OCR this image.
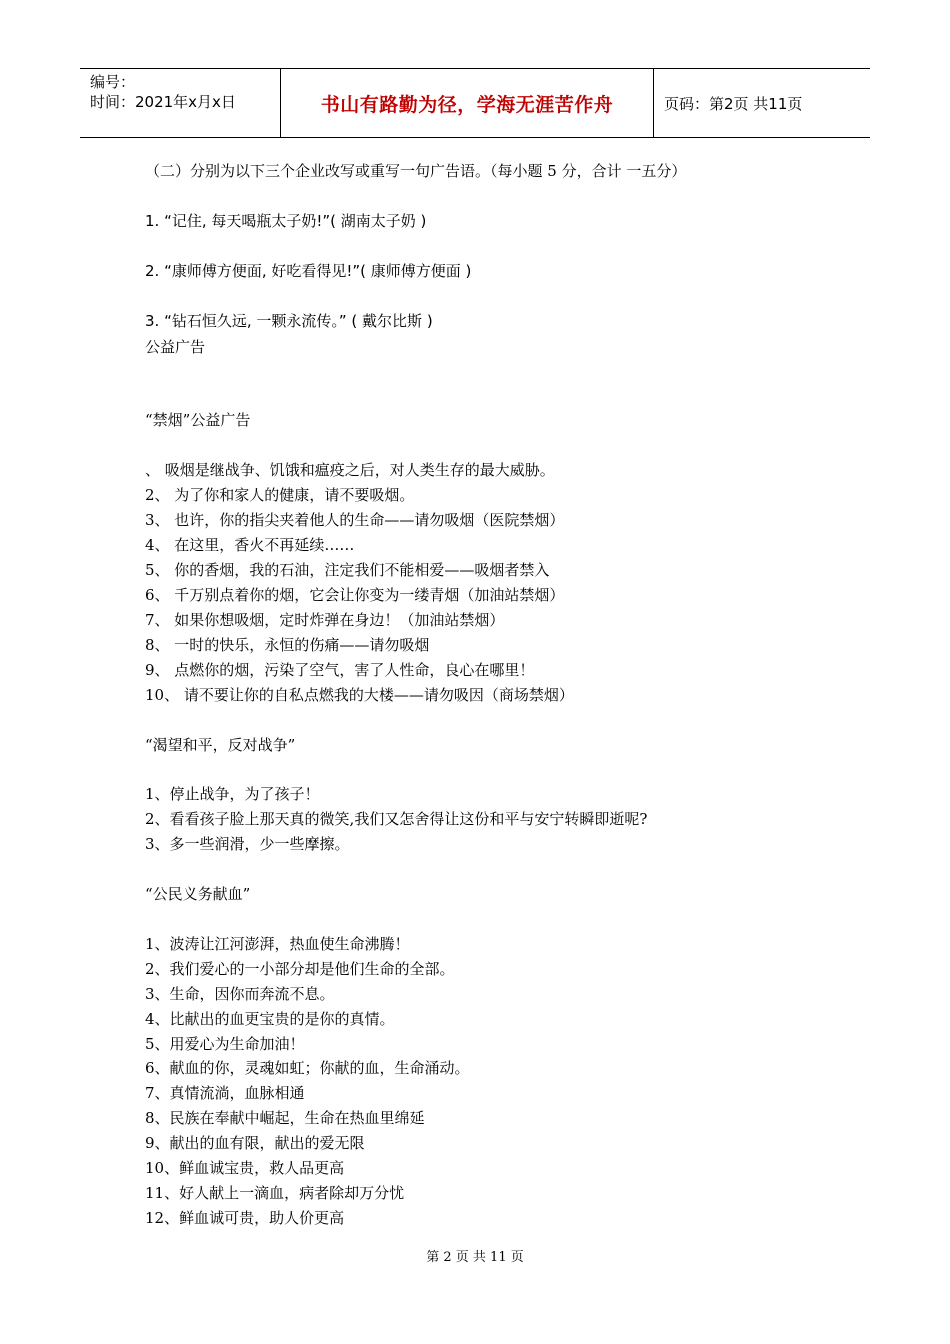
编号：
时间：2021年x月x日	书山有路勤为径，学海无涯苦作舟	页码：第2页 共11页
（二）分别为以下三个企业改写或重写一句广告语。（每小题 5 分，合计 一五分）
1. “记住, 每天喝瓶太子奶!”( 湖南太子奶 )
2. “康师傅方便面, 好吃看得见!”( 康师傅方便面 )
3. “钻石恒久远, 一颗永流传。” ( 戴尔比斯 )
公益广告
“禁烟”公益广告
、 吸烟是继战争、饥饿和瘟疫之后，对人类生存的最大威胁。
2、 为了你和家人的健康，请不要吸烟。
3、 也许，你的指尖夹着他人的生命——请勿吸烟（医院禁烟）
4、 在这里，香火不再延续……
5、 你的香烟，我的石油，注定我们不能相爱——吸烟者禁入
6、 千万别点着你的烟，它会让你变为一缕青烟（加油站禁烟）
7、 如果你想吸烟，定时炸弹在身边！（加油站禁烟）
8、 一时的快乐，永恒的伤痛——请勿吸烟
9、 点燃你的烟，污染了空气，害了人性命，良心在哪里！
10、 请不要让你的自私点燃我的大楼——请勿吸因（商场禁烟）
“渴望和平，反对战争”
1、停止战争，为了孩子！
2、看看孩子脸上那天真的微笑,我们又怎舍得让这份和平与安宁转瞬即逝呢?
3、多一些润滑，少一些摩擦。
“公民义务献血”
1、波涛让江河澎湃，热血使生命沸腾！
2、我们爱心的一小部分却是他们生命的全部。
3、生命，因你而奔流不息。
4、比献出的血更宝贵的是你的真情。
5、用爱心为生命加油！
6、献血的你，灵魂如虹；你献的血，生命涌动。
7、真情流淌，血脉相通
8、民族在奉献中崛起，生命在热血里绵延
9、献出的血有限，献出的爱无限
10、鲜血诚宝贵，救人品更高
11、好人献上一滴血，病者除却万分忧
12、鲜血诚可贵，助人价更高
第 2 页 共 11 页
